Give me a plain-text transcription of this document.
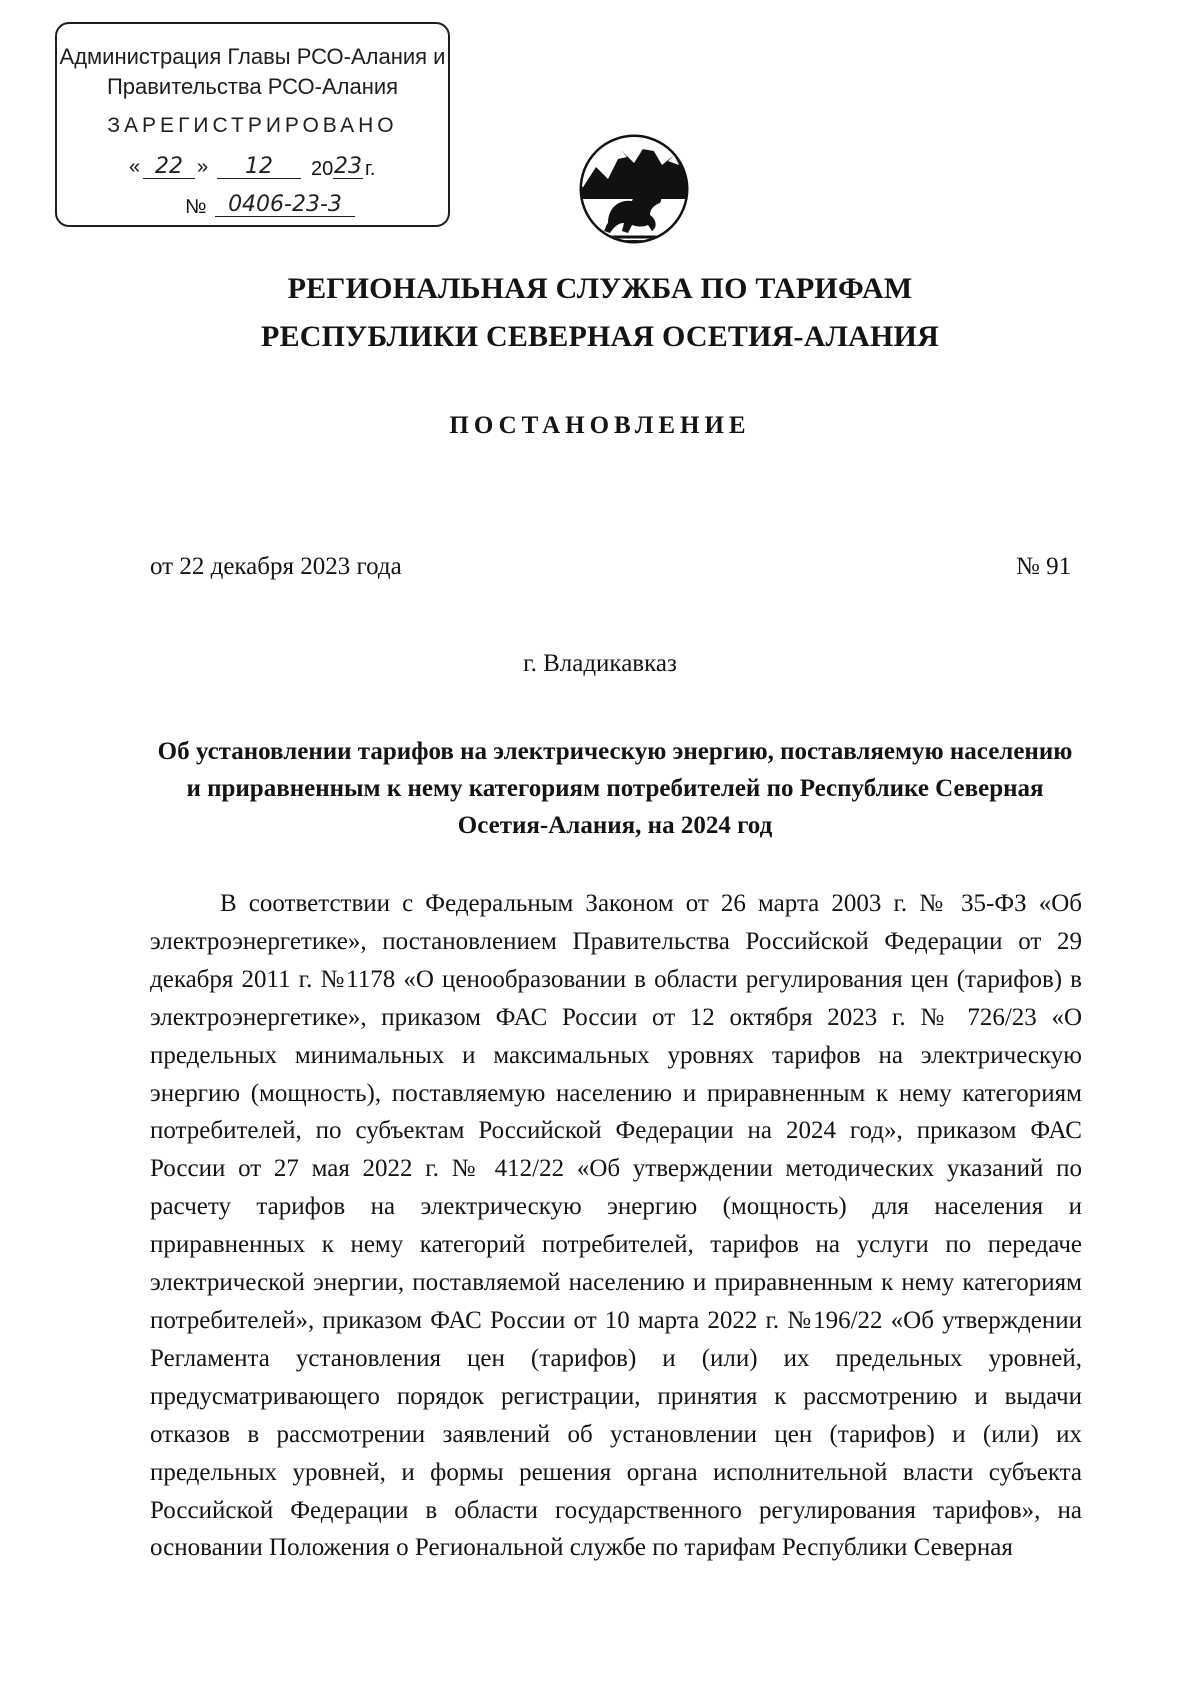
Администрация Главы РСО-Алания и
Правительства РСО-Алания
ЗАРЕГИСТРИРОВАНО
« 22 »	12	20 23 г.
№ 0406-23-3
РЕГИОНАЛЬНАЯ СЛУЖБА ПО ТАРИФАМ
РЕСПУБЛИКИ СЕВЕРНАЯ ОСЕТИЯ-АЛАНИЯ
ПОСТАНОВЛЕНИЕ
от 22 декабря 2023 года	№ 91
г. Владикавказ
Об установлении тарифов на электрическую энергию, поставляемую населению и приравненным к нему категориям потребителей по Республике Северная Осетия-Алания, на 2024 год

В соответствии с Федеральным Законом от 26 марта 2003 г. № 35-ФЗ «Об электроэнергетике», постановлением Правительства Российской Федерации от 29 декабря 2011 г. №1178 «О ценообразовании в области регулирования цен (тарифов) в электроэнергетике», приказом ФАС России от 12 октября 2023 г. № 726/23 «О предельных минимальных и максимальных уровнях тарифов на электрическую энергию (мощность), поставляемую населению и приравненным к нему категориям потребителей, по субъектам Российской Федерации на 2024 год», приказом ФАС России от 27 мая 2022 г. № 412/22 «Об утверждении методических указаний по расчету тарифов на электрическую энергию (мощность) для населения и приравненных к нему категорий потребителей, тарифов на услуги по передаче электрической энергии, поставляемой населению и приравненным к нему категориям потребителей», приказом ФАС России от 10 марта 2022 г. №196/22 «Об утверждении Регламента установления цен (тарифов) и (или) их предельных уровней, предусматривающего порядок регистрации, принятия к рассмотрению и выдачи отказов в рассмотрении заявлений об установлении цен (тарифов) и (или) их предельных уровней, и формы решения органа исполнительной власти субъекта Российской Федерации в области государственного регулирования тарифов», на основании Положения о Региональной службе по тарифам Республики Северная
